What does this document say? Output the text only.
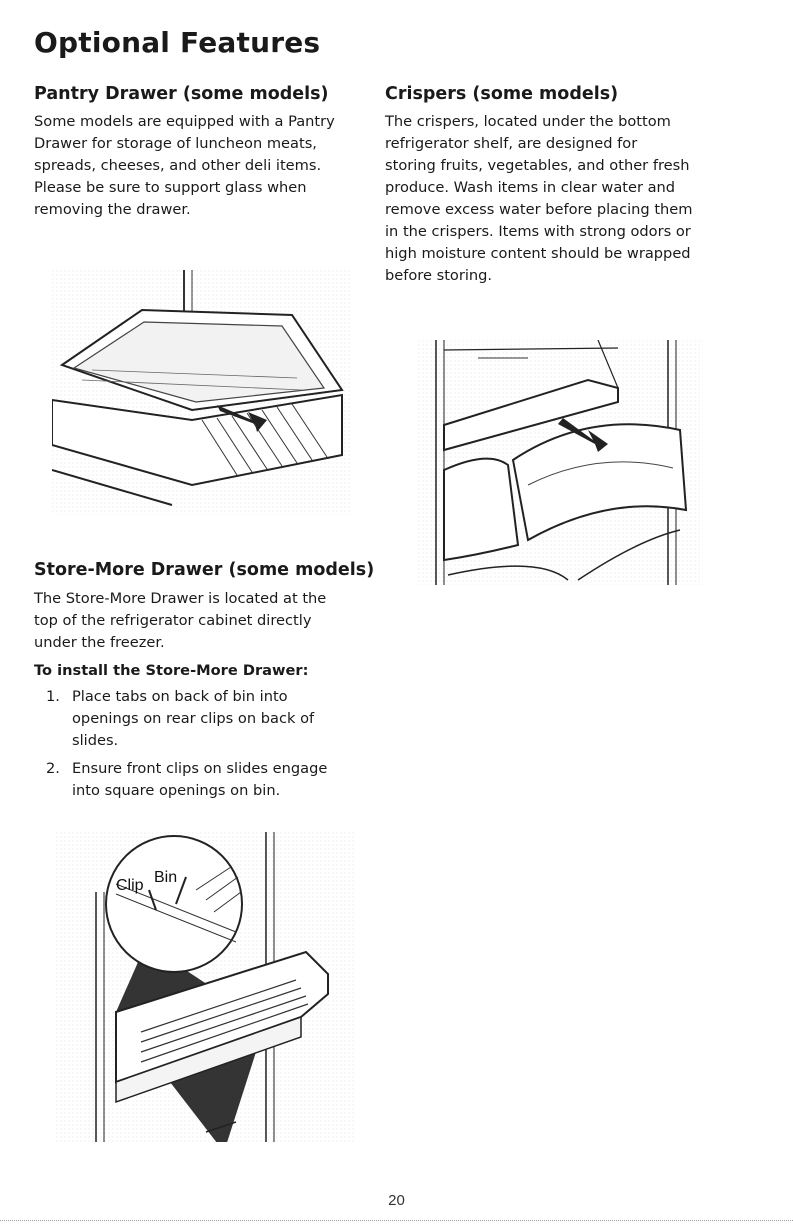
Optional Features
Pantry Drawer (some models)

Some models are equipped with a Pantry
Drawer for storage of luncheon meats,
spreads, cheeses, and other deli items.
Please be sure to support glass when
removing the drawer.

Store-More Drawer (some models)

The Store-More Drawer is located at the
top of the refrigerator cabinet directly
under the freezer.

To install the Store-More Drawer:

1. Place tabs on back of bin into
openings on rear clips on back of
slides.
2. Ensure front clips on slides engage
into square openings on bin.
Bin
Clip
Crispers (some models)

The crispers, located under the bottom
refrigerator shelf, are designed for
storing fruits, vegetables, and other fresh
produce. Wash items in clear water and
remove excess water before placing them
in the crispers. Items with strong odors or
high moisture content should be wrapped
before storing.

20
